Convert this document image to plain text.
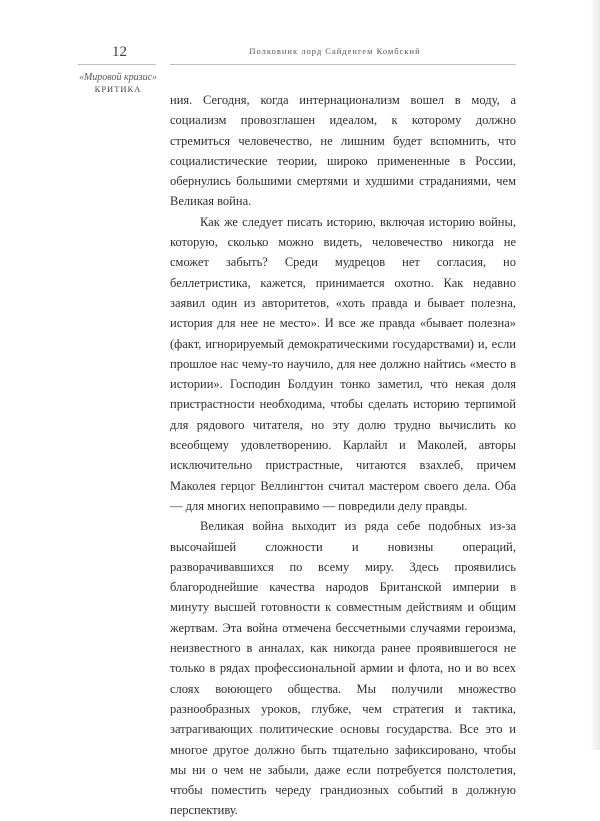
12	Полковник лорд Сайденгем Комбский
«Мировой кризис»
КРИТИКА

ния. Сегодня, когда интернационализм вошел в моду, а социализм провозглашен идеалом, к которому должно стремиться человечество, не лишним будет вспомнить, что социалистические теории, широко примененные в России, обернулись большими смертями и худшими страданиями, чем Великая война.

Как же следует писать историю, включая историю войны, которую, сколько можно видеть, человечество никогда не сможет забыть? Среди мудрецов нет согласия, но беллетристика, кажется, принимается охотно. Как недавно заявил один из авторитетов, «хоть правда и бывает полезна, история для нее не место». И все же правда «бывает полезна» (факт, игнорируемый демократическими государствами) и, если прошлое нас чему-то научило, для нее должно найтись «место в истории». Господин Болдуин тонко заметил, что некая доля пристрастности необходима, чтобы сделать историю терпимой для рядового читателя, но эту долю трудно вычислить ко всеобщему удовлетворению. Карлайл и Маколей, авторы исключительно пристрастные, читаются взахлеб, причем Маколея герцог Веллингтон считал мастером своего дела. Оба — для многих непоправимо — повредили делу правды.

Великая война выходит из ряда себе подобных из-за высочайшей сложности и новизны операций, разворачивавшихся по всему миру. Здесь проявились благороднейшие качества народов Британской империи в минуту высшей готовности к совместным действиям и общим жертвам. Эта война отмечена бессчетными случаями героизма, неизвестного в анналах, как никогда ранее проявившегося не только в рядах профессиональной армии и флота, но и во всех слоях воюющего общества. Мы получили множество разнообразных уроков, глубже, чем стратегия и тактика, затрагивающих политические основы государства. Все это и многое другое должно быть тщательно зафиксировано, чтобы мы ни о чем не забыли, даже если потребуется полстолетия, чтобы поместить череду грандиозных событий в должную перспективу.
